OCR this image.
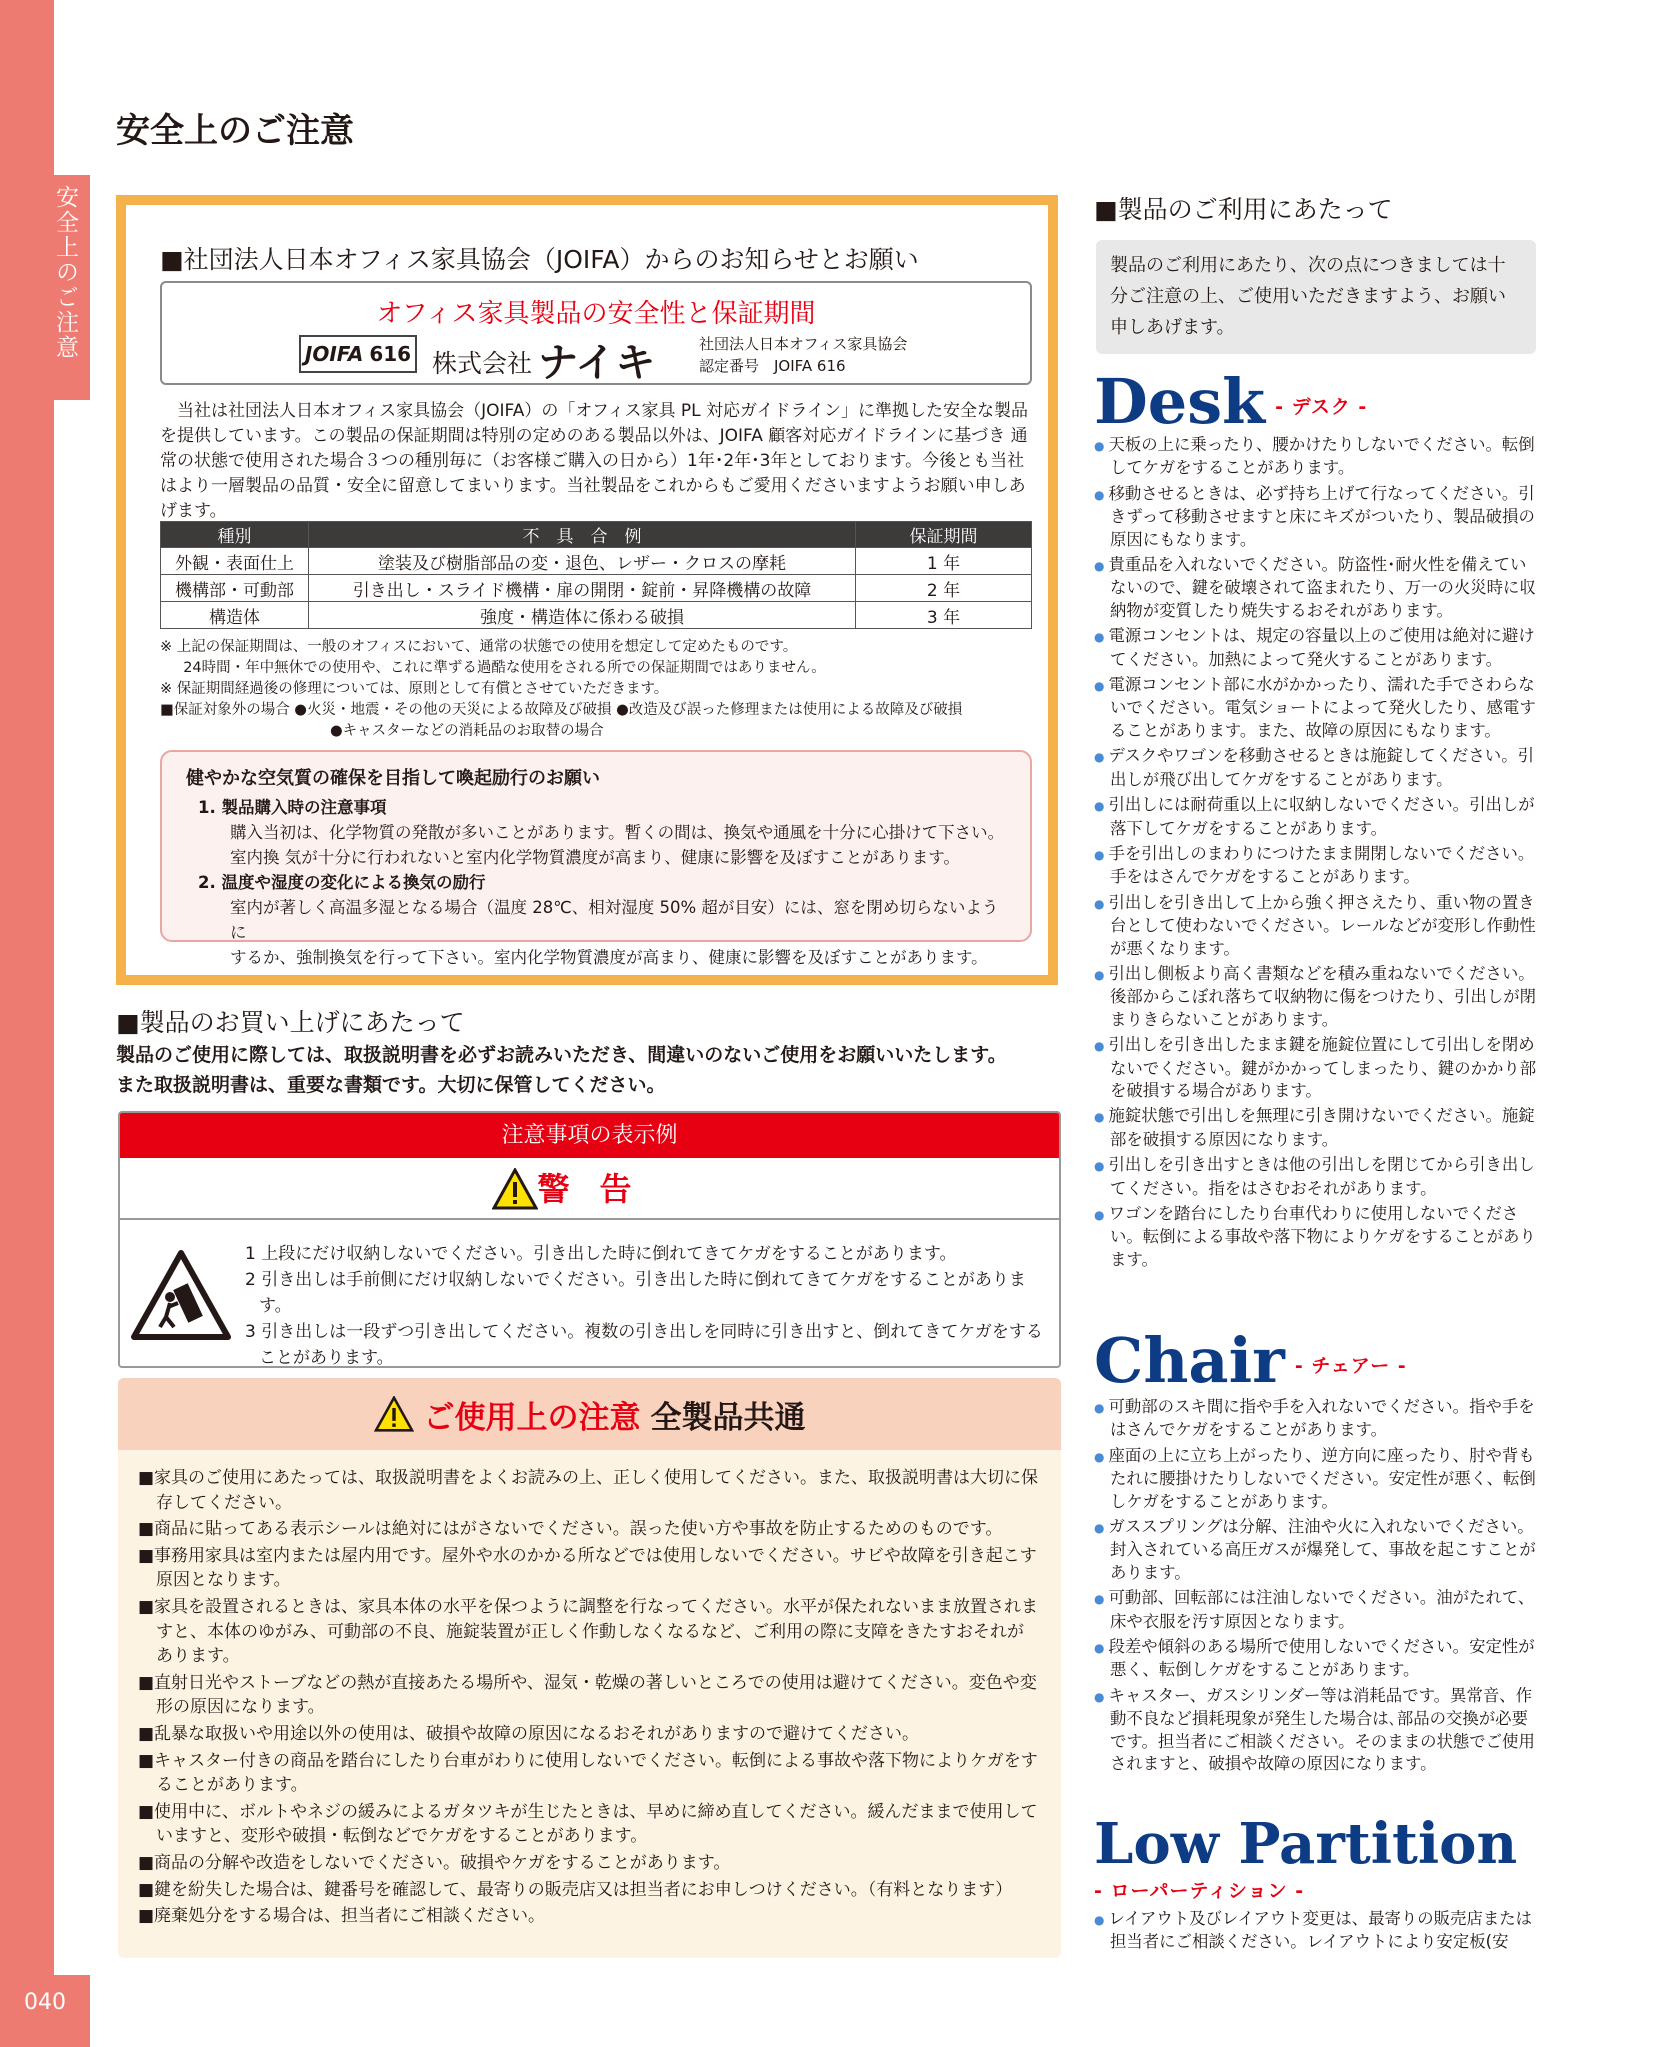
安全上のご注意
040
安全上のご注意
■社団法人日本オフィス家具協会（JOIFA）からのお知らせとお願い
オフィス家具製品の安全性と保証期間
JOIFA 616 株式会社 ナイキ	社団法人日本オフィス家具協会
認定番号　JOIFA 616

当社は社団法人日本オフィス家具協会（JOIFA）の「オフィス家具 PL 対応ガイドライン」に準拠した安全な製品を提供しています。この製品の保証期間は特別の定めのある製品以外は、JOIFA 顧客対応ガイドラインに基づき 通常の状態で使用された場合３つの種別毎に（お客様ご購入の日から）1年･2年･3年としております。今後とも当社はより一層製品の品質・安全に留意してまいります。当社製品をこれからもご愛用くださいますようお願い申しあげます。

種別	不　具　合　例	保証期間
外観・表面仕上	塗装及び樹脂部品の変・退色、レザー・クロスの摩耗	1 年
機構部・可動部	引き出し・スライド機構・扉の開閉・錠前・昇降機構の故障	2 年
構造体	強度・構造体に係わる破損	3 年
※ 上記の保証期間は、一般のオフィスにおいて、通常の状態での使用を想定して定めたものです。
24時間・年中無休での使用や、これに準ずる過酷な使用をされる所での保証期間ではありません。
※ 保証期間経過後の修理については、原則として有償とさせていただきます。
■保証対象外の場合 ●火災・地震・その他の天災による故障及び破損 ●改造及び誤った修理または使用による故障及び破損
●キャスターなどの消耗品のお取替の場合
健やかな空気質の確保を目指して喚起励行のお願い
1. 製品購入時の注意事項
購入当初は、化学物質の発散が多いことがあります。暫くの間は、換気や通風を十分に心掛けて下さい。
室内換 気が十分に行われないと室内化学物質濃度が高まり、健康に影響を及ぼすことがあります。
2. 温度や湿度の変化による換気の励行
室内が著しく高温多湿となる場合（温度 28℃、相対湿度 50% 超が目安）には、窓を閉め切らないように
するか、強制換気を行って下さい。室内化学物質濃度が高まり、健康に影響を及ぼすことがあります。
■製品のお買い上げにあたって
製品のご使用に際しては、取扱説明書を必ずお読みいただき、間違いのないご使用をお願いいたします。
また取扱説明書は、重要な書類です。大切に保管してください。
注意事項の表示例
警告
1 上段にだけ収納しないでください。引き出した時に倒れてきてケガをすることがあります。
2 引き出しは手前側にだけ収納しないでください。引き出した時に倒れてきてケガをすることがあります。
3 引き出しは一段ずつ引き出してください。複数の引き出しを同時に引き出すと、倒れてきてケガをすることがあります。
ご使用上の注意 全製品共通
■家具のご使用にあたっては、取扱説明書をよくお読みの上、正しく使用してください。また、取扱説明書は大切に保存してください。
■商品に貼ってある表示シールは絶対にはがさないでください。誤った使い方や事故を防止するためのものです。
■事務用家具は室内または屋内用です。屋外や水のかかる所などでは使用しないでください。サビや故障を引き起こす原因となります。
■家具を設置されるときは、家具本体の水平を保つように調整を行なってください。水平が保たれないまま放置されますと、本体のゆがみ、可動部の不良、施錠装置が正しく作動しなくなるなど、ご利用の際に支障をきたすおそれがあります。
■直射日光やストーブなどの熱が直接あたる場所や、湿気・乾燥の著しいところでの使用は避けてください。変色や変形の原因になります。
■乱暴な取扱いや用途以外の使用は、破損や故障の原因になるおそれがありますので避けてください。
■キャスター付きの商品を踏台にしたり台車がわりに使用しないでください。転倒による事故や落下物によりケガをすることがあります。
■使用中に、ボルトやネジの緩みによるガタツキが生じたときは、早めに締め直してください。緩んだままで使用していますと、変形や破損・転倒などでケガをすることがあります。
■商品の分解や改造をしないでください。破損やケガをすることがあります。
■鍵を紛失した場合は、鍵番号を確認して、最寄りの販売店又は担当者にお申しつけください。（有料となります）
■廃棄処分をする場合は、担当者にご相談ください。
■製品のご利用にあたって
製品のご利用にあたり、次の点につきましては十分ご注意の上、ご使用いただきますよう、お願い申しあげます。
Desk - デスク -
● 天板の上に乗ったり、腰かけたりしないでください。転倒してケガをすることがあります。
● 移動させるときは、必ず持ち上げて行なってください。引きずって移動させますと床にキズがついたり、製品破損の原因にもなります。
● 貴重品を入れないでください。防盗性･耐火性を備えていないので、鍵を破壊されて盗まれたり、万一の火災時に収納物が変質したり焼失するおそれがあります。
● 電源コンセントは、規定の容量以上のご使用は絶対に避けてください。加熱によって発火することがあります。
● 電源コンセント部に水がかかったり、濡れた手でさわらないでください。電気ショートによって発火したり、感電することがあります。また、故障の原因にもなります。
● デスクやワゴンを移動させるときは施錠してください。引出しが飛び出してケガをすることがあります。
● 引出しには耐荷重以上に収納しないでください。引出しが落下してケガをすることがあります。
● 手を引出しのまわりにつけたまま開閉しないでください。手をはさんでケガをすることがあります。
● 引出しを引き出して上から強く押さえたり、重い物の置き台として使わないでください。レールなどが変形し作動性が悪くなります。
● 引出し側板より高く書類などを積み重ねないでください。後部からこぼれ落ちて収納物に傷をつけたり、引出しが閉まりきらないことがあります。
● 引出しを引き出したまま鍵を施錠位置にして引出しを閉めないでください。鍵がかかってしまったり、鍵のかかり部を破損する場合があります。
● 施錠状態で引出しを無理に引き開けないでください。施錠部を破損する原因になります。
● 引出しを引き出すときは他の引出しを閉じてから引き出してください。指をはさむおそれがあります。
● ワゴンを踏台にしたり台車代わりに使用しないでください。転倒による事故や落下物によりケガをすることがあります。
Chair - チェアー -
● 可動部のスキ間に指や手を入れないでください。指や手をはさんでケガをすることがあります。
● 座面の上に立ち上がったり、逆方向に座ったり、肘や背もたれに腰掛けたりしないでください。安定性が悪く、転倒しケガをすることがあります。
● ガススプリングは分解、注油や火に入れないでください。封入されている高圧ガスが爆発して、事故を起こすことがあります。
● 可動部、回転部には注油しないでください。油がたれて、床や衣服を汚す原因となります。
● 段差や傾斜のある場所で使用しないでください。安定性が悪く、転倒しケガをすることがあります。
● キャスター、ガスシリンダー等は消耗品です。異常音、作動不良など損耗現象が発生した場合は､部品の交換が必要です。担当者にご相談ください。そのままの状態でご使用されますと、破損や故障の原因になります。
Low Partition
- ローパーティション -
● レイアウト及びレイアウト変更は、最寄りの販売店または担当者にご相談ください。レイアウトにより安定板(安
